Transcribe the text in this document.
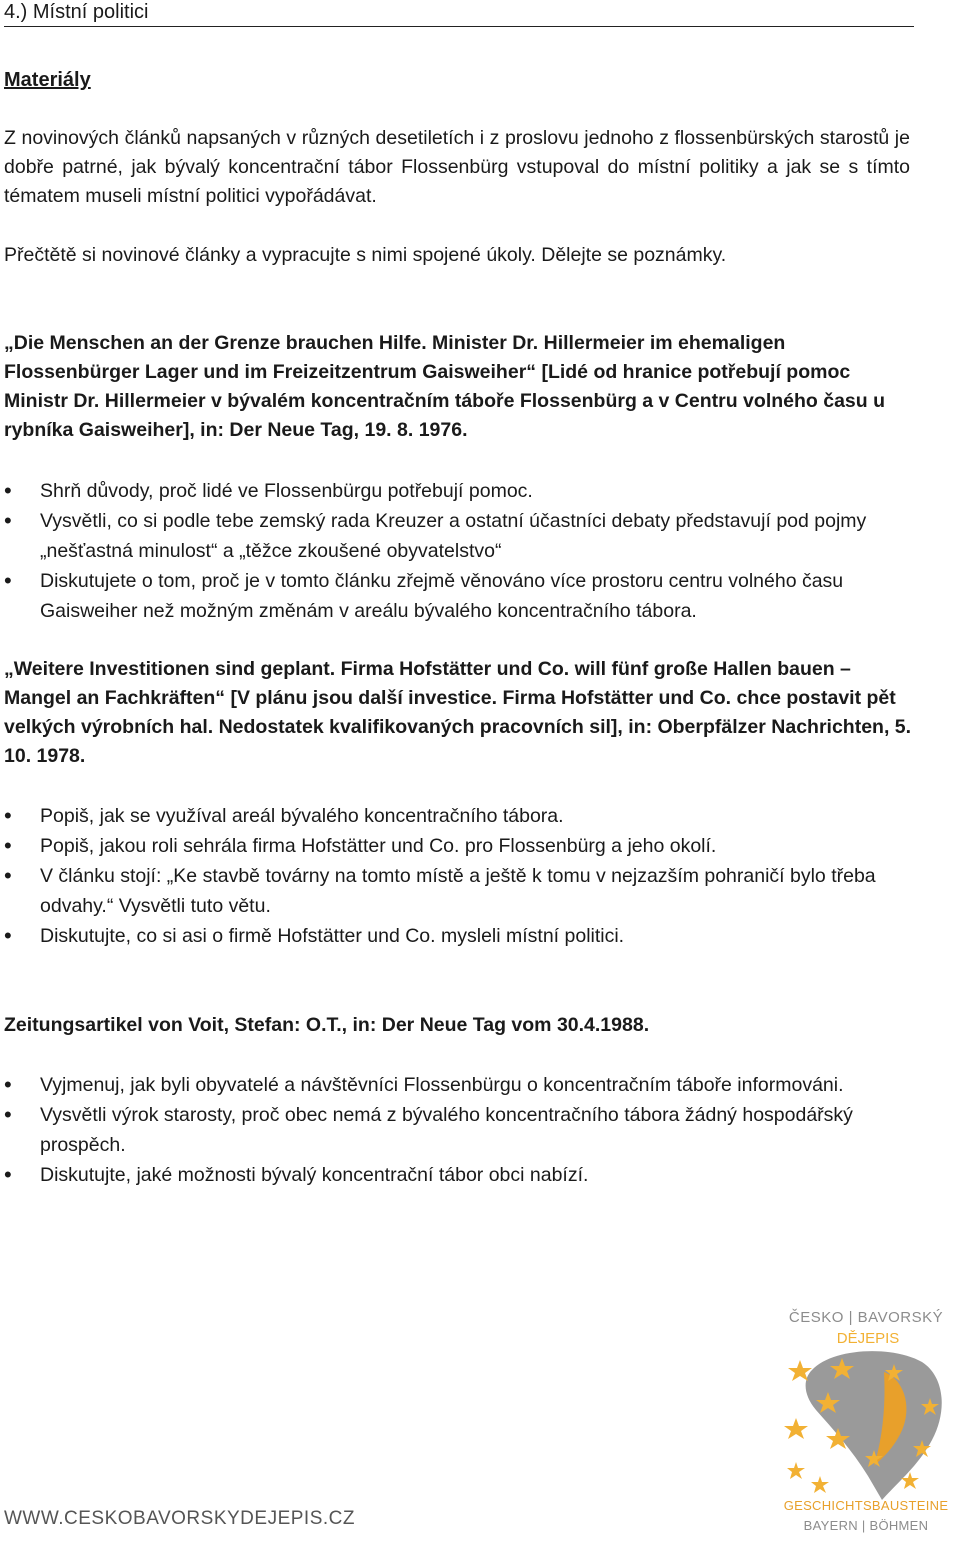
4.) Místní politici
Materiály
Z novinových článků napsaných v různých desetiletích i z proslovu jednoho z flossenbürských starostů je dobře patrné, jak bývalý koncentrační tábor Flossenbürg vstupoval do místní politiky a jak se s tímto tématem museli místní politici vypořádávat.
Přečtětě si novinové články a vypracujte s nimi spojené úkoly. Dělejte se poznámky.
„Die Menschen an der Grenze brauchen Hilfe. Minister Dr. Hillermeier im ehemaligen Flossenbürger Lager und im Freizeitzentrum Gaisweiher“ [Lidé od hranice potřebují pomoc Ministr Dr. Hillermeier v bývalém koncentračním táboře Flossenbürg a v Centru volného času u rybníka Gaisweiher], in: Der Neue Tag, 19. 8. 1976.
• Shrň důvody, proč lidé ve Flossenbürgu potřebují pomoc.
• Vysvětli, co si podle tebe zemský rada Kreuzer a ostatní účastníci debaty představují pod pojmy „nešťastná minulost“ a „těžce zkoušené obyvatelstvo“
• Diskutujete o tom, proč je v tomto článku zřejmě věnováno více prostoru centru volného času Gaisweiher než možným změnám v areálu bývalého koncentračního tábora.
„Weitere Investitionen sind geplant. Firma Hofstätter und Co. will fünf große Hallen bauen – Mangel an Fachkräften“ [V plánu jsou další investice. Firma Hofstätter und Co. chce postavit pět velkých výrobních hal. Nedostatek kvalifikovaných pracovních sil], in: Oberpfälzer Nachrichten, 5. 10. 1978.
• Popiš, jak se využíval areál bývalého koncentračního tábora.
• Popiš, jakou roli sehrála firma Hofstätter und Co. pro Flossenbürg a jeho okolí.
• V článku stojí: „Ke stavbě továrny na tomto místě a ještě k tomu v nejzazším pohraničí bylo třeba odvahy.“ Vysvětli tuto větu.
• Diskutujte, co si asi o firmě Hofstätter und Co. mysleli místní politici.
Zeitungsartikel von Voit, Stefan: O.T., in: Der Neue Tag vom 30.4.1988.
• Vyjmenuj, jak byli obyvatelé a návštěvníci Flossenbürgu o koncentračním táboře informováni.
• Vysvětli výrok starosty, proč obec nemá z bývalého koncentračního tábora žádný hospodářský prospěch.
• Diskutujte, jaké možnosti bývalý koncentrační tábor obci nabízí.
ČESKO | BAVORSKÝ
DĚJEPIS
GESCHICHTSBAUSTEINE
BAYERN | BÖHMEN
WWW.CESKOBAVORSKYDEJEPIS.CZ
